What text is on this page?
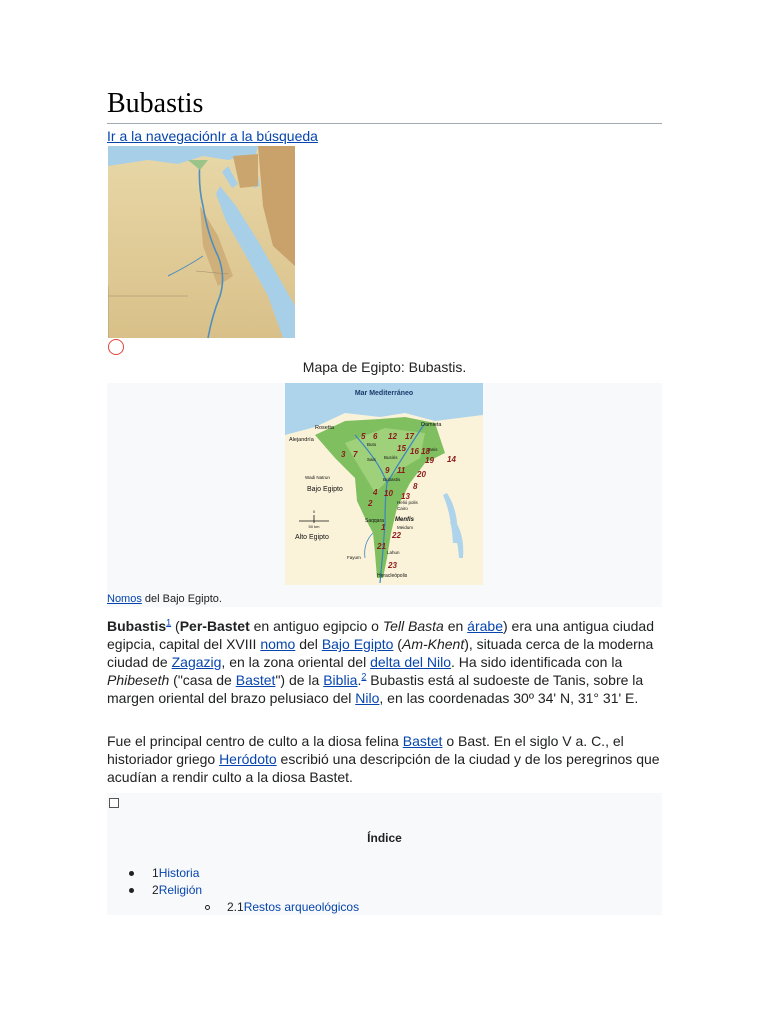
Bubastis
Ir a la navegaciónIr a la búsqueda
Mapa de Egipto: Bubastis.
Mar Mediterráneo
Rosetta	Damieta
Alejandría
Buto
Sais Busiris
Tanis
Bubastis
Wadi Natrun
Helió polis
Cairo
Bajo Egipto
Saqqara Menfis
Meidum
Alto Egipto
Lahun
Fayum
Heracleópolis
0
50 km
5 6 12 17
15 16 18
19 14
3 7
9 11 20
4 10 13
8
2
1
21
22
23
Nomos del Bajo Egipto.

Bubastis$^1$ (Per-Bastet en antiguo egipcio o Tell Basta en árabe) era una antigua ciudad egipcia, capital del XVIII nomo del Bajo Egipto (Am-Khent), situada cerca de la moderna ciudad de Zagazig, en la zona oriental del delta del Nilo. Ha sido identificada con la Phibeseth ("casa de Bastet") de la Biblia.$^2$ Bubastis está al sudoeste de Tanis, sobre la margen oriental del brazo pelusiaco del Nilo, en las coordenadas 30º 34' N, 31° 31' E.

Fue el principal centro de culto a la diosa felina Bastet o Bast. En el siglo V a. C., el historiador griego Heródoto escribió una descripción de la ciudad y de los peregrinos que acudían a rendir culto a la diosa Bastet.

Índice
1Historia
2Religión
2.1Restos arqueológicos
